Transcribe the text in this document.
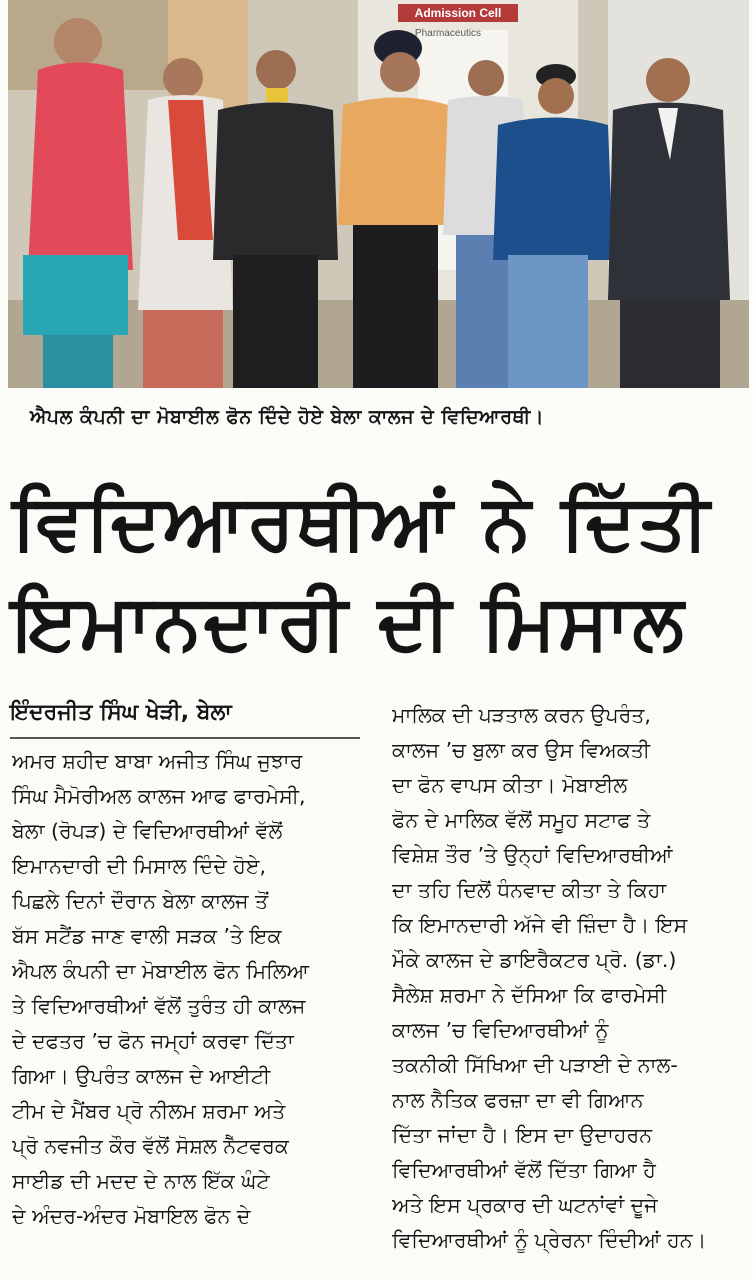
Admission Cell
Pharmaceutics
ਐਪਲ ਕੰਪਨੀ ਦਾ ਮੋਬਾਈਲ ਫੋਨ ਦਿੰਦੇ ਹੋਏ ਬੇਲਾ ਕਾਲਜ ਦੇ ਵਿਦਿਆਰਥੀ।
ਵਿਦਿਆਰਥੀਆਂ ਨੇ ਦਿੱਤੀ
ਇਮਾਨਦਾਰੀ ਦੀ ਮਿਸਾਲ
ਇੰਦਰਜੀਤ ਸਿੰਘ ਖੇੜੀ, ਬੇਲਾ
ਅਮਰ ਸ਼ਹੀਦ ਬਾਬਾ ਅਜੀਤ ਸਿੰਘ ਜੁਝਾਰ
ਸਿੰਘ ਮੈਮੋਰੀਅਲ ਕਾਲਜ ਆਫ ਫਾਰਮੇਸੀ,
ਬੇਲਾ (ਰੋਪੜ) ਦੇ ਵਿਦਿਆਰਥੀਆਂ ਵੱਲੋਂ
ਇਮਾਨਦਾਰੀ ਦੀ ਮਿਸਾਲ ਦਿੰਦੇ ਹੋਏ,
ਪਿਛਲੇ ਦਿਨਾਂ ਦੌਰਾਨ ਬੇਲਾ ਕਾਲਜ ਤੋਂ
ਬੱਸ ਸਟੈਂਡ ਜਾਣ ਵਾਲੀ ਸੜਕ ’ਤੇ ਇਕ
ਐਪਲ ਕੰਪਨੀ ਦਾ ਮੋਬਾਈਲ ਫੋਨ ਮਿਲਿਆ
ਤੇ ਵਿਦਿਆਰਥੀਆਂ ਵੱਲੋਂ ਤੁਰੰਤ ਹੀ ਕਾਲਜ
ਦੇ ਦਫਤਰ ’ਚ ਫੋਨ ਜਮ੍ਹਾਂ ਕਰਵਾ ਦਿੱਤਾ
ਗਿਆ। ਉਪਰੰਤ ਕਾਲਜ ਦੇ ਆਈਟੀ
ਟੀਮ ਦੇ ਮੈਂਬਰ ਪ੍ਰੋ ਨੀਲਮ ਸ਼ਰਮਾ ਅਤੇ
ਪ੍ਰੋ ਨਵਜੀਤ ਕੌਰ ਵੱਲੋਂ ਸੋਸ਼ਲ ਨੈੱਟਵਰਕ
ਸਾਈਡ ਦੀ ਮਦਦ ਦੇ ਨਾਲ ਇੱਕ ਘੰਟੇ
ਦੇ ਅੰਦਰ-ਅੰਦਰ ਮੋਬਾਇਲ ਫੋਨ ਦੇ
ਮਾਲਿਕ ਦੀ ਪੜਤਾਲ ਕਰਨ ਉਪਰੰਤ,
ਕਾਲਜ ’ਚ ਬੁਲਾ ਕਰ ਉਸ ਵਿਅਕਤੀ
ਦਾ ਫੋਨ ਵਾਪਸ ਕੀਤਾ। ਮੋਬਾਈਲ
ਫੋਨ ਦੇ ਮਾਲਿਕ ਵੱਲੋਂ ਸਮੂਹ ਸਟਾਫ ਤੇ
ਵਿਸ਼ੇਸ਼ ਤੌਰ ’ਤੇ ਉਨ੍ਹਾਂ ਵਿਦਿਆਰਥੀਆਂ
ਦਾ ਤਹਿ ਦਿਲੋਂ ਧੰਨਵਾਦ ਕੀਤਾ ਤੇ ਕਿਹਾ
ਕਿ ਇਮਾਨਦਾਰੀ ਅੱਜੇ ਵੀ ਜ਼ਿੰਦਾ ਹੈ। ਇਸ
ਮੌਕੇ ਕਾਲਜ ਦੇ ਡਾਇਰੈਕਟਰ ਪ੍ਰੋ. (ਡਾ.)
ਸੈਲੇਸ਼ ਸ਼ਰਮਾ ਨੇ ਦੱਸਿਆ ਕਿ ਫਾਰਮੇਸੀ
ਕਾਲਜ ’ਚ ਵਿਦਿਆਰਥੀਆਂ ਨੂੰ
ਤਕਨੀਕੀ ਸਿੱਖਿਆ ਦੀ ਪੜਾਈ ਦੇ ਨਾਲ-
ਨਾਲ ਨੈਤਿਕ ਫਰਜ਼ਾ ਦਾ ਵੀ ਗਿਆਨ
ਦਿੱਤਾ ਜਾਂਦਾ ਹੈ। ਇਸ ਦਾ ਉਦਾਹਰਨ
ਵਿਦਿਆਰਥੀਆਂ ਵੱਲੋਂ ਦਿੱਤਾ ਗਿਆ ਹੈ
ਅਤੇ ਇਸ ਪ੍ਰਕਾਰ ਦੀ ਘਟਨਾਂਵਾਂ ਦੂਜੇ
ਵਿਦਿਆਰਥੀਆਂ ਨੂੰ ਪ੍ਰੇਰਨਾ ਦਿੰਦੀਆਂ ਹਨ।
